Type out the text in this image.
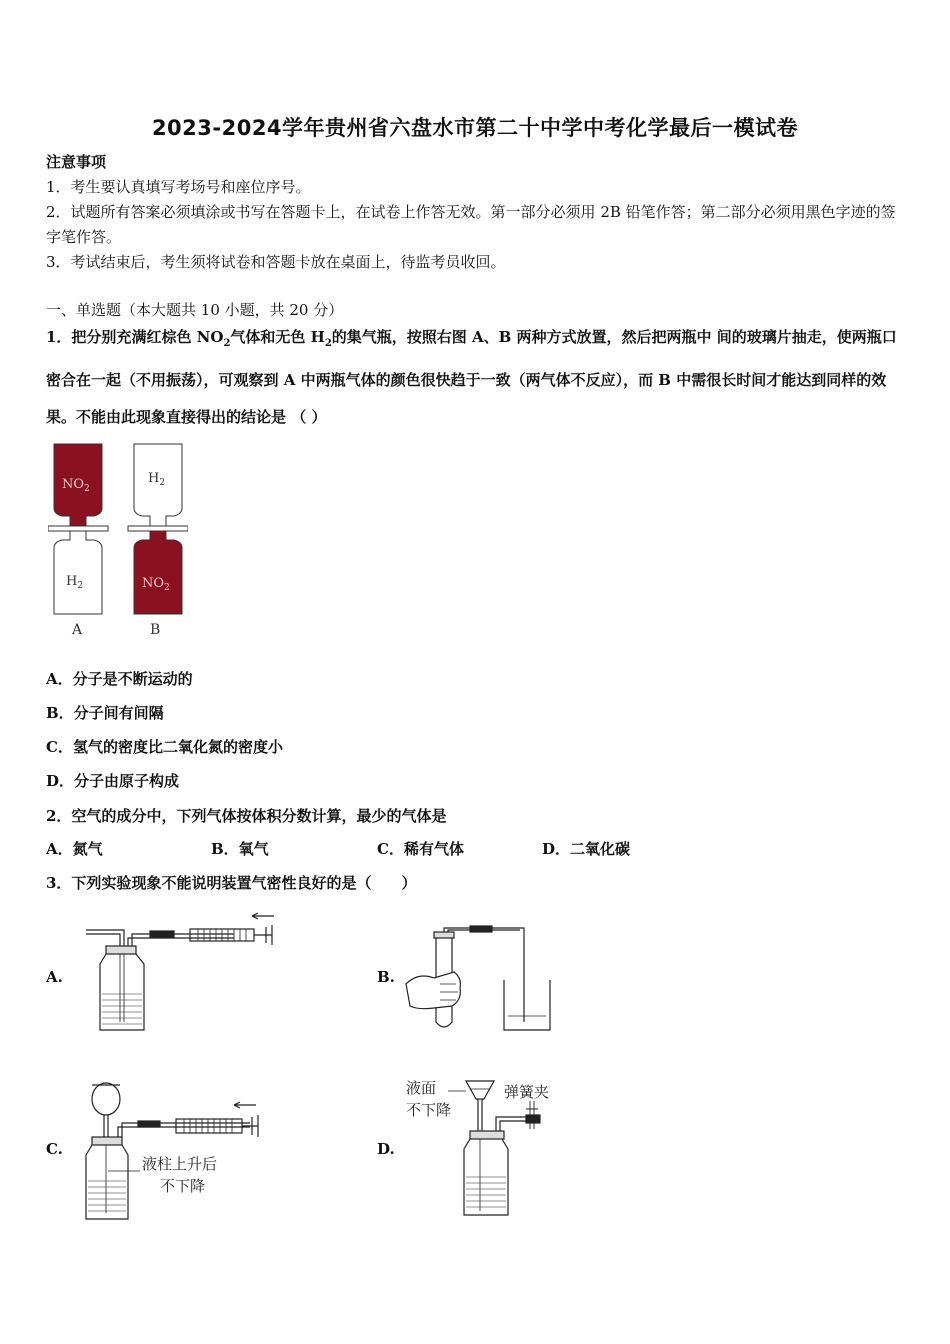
2023-2024学年贵州省六盘水市第二十中学中考化学最后一模试卷
注意事项
1．考生要认真填写考场号和座位序号。
2．试题所有答案必须填涂或书写在答题卡上，在试卷上作答无效。第一部分必须用 2B 铅笔作答；第二部分必须用黑色字迹的签字笔作答。
3．考试结束后，考生须将试卷和答题卡放在桌面上，待监考员收回。
一、单选题（本大题共 10 小题，共 20 分）
1．把分别充满红棕色 $NO_2$气体和无色 $H_2$的集气瓶，按照右图 A、B 两种方式放置，然后把两瓶中 间的玻璃片抽走，使两瓶口密合在一起（不用振荡），可观察到 A 中两瓶气体的颜色很快趋于一致（两气体不反应），而 B 中需很长时间才能达到同样的效果。不能由此现象直接得出的结论是 （ ）
$NO_2$
$H_2$
$H_2$
$NO_2$
A	B
A．分子是不断运动的
B．分子间有间隔
C．氢气的密度比二氧化氮的密度小
D．分子由原子构成
2．空气的成分中，下列气体按体积分数计算，最少的气体是
A．氮气	B．氧气	C．稀有气体	D．二氧化碳
3．下列实验现象不能说明装置气密性良好的是（　　）
A.	B.
C.	D.
液柱上升后
不下降
液面
不下降
弹簧夹
